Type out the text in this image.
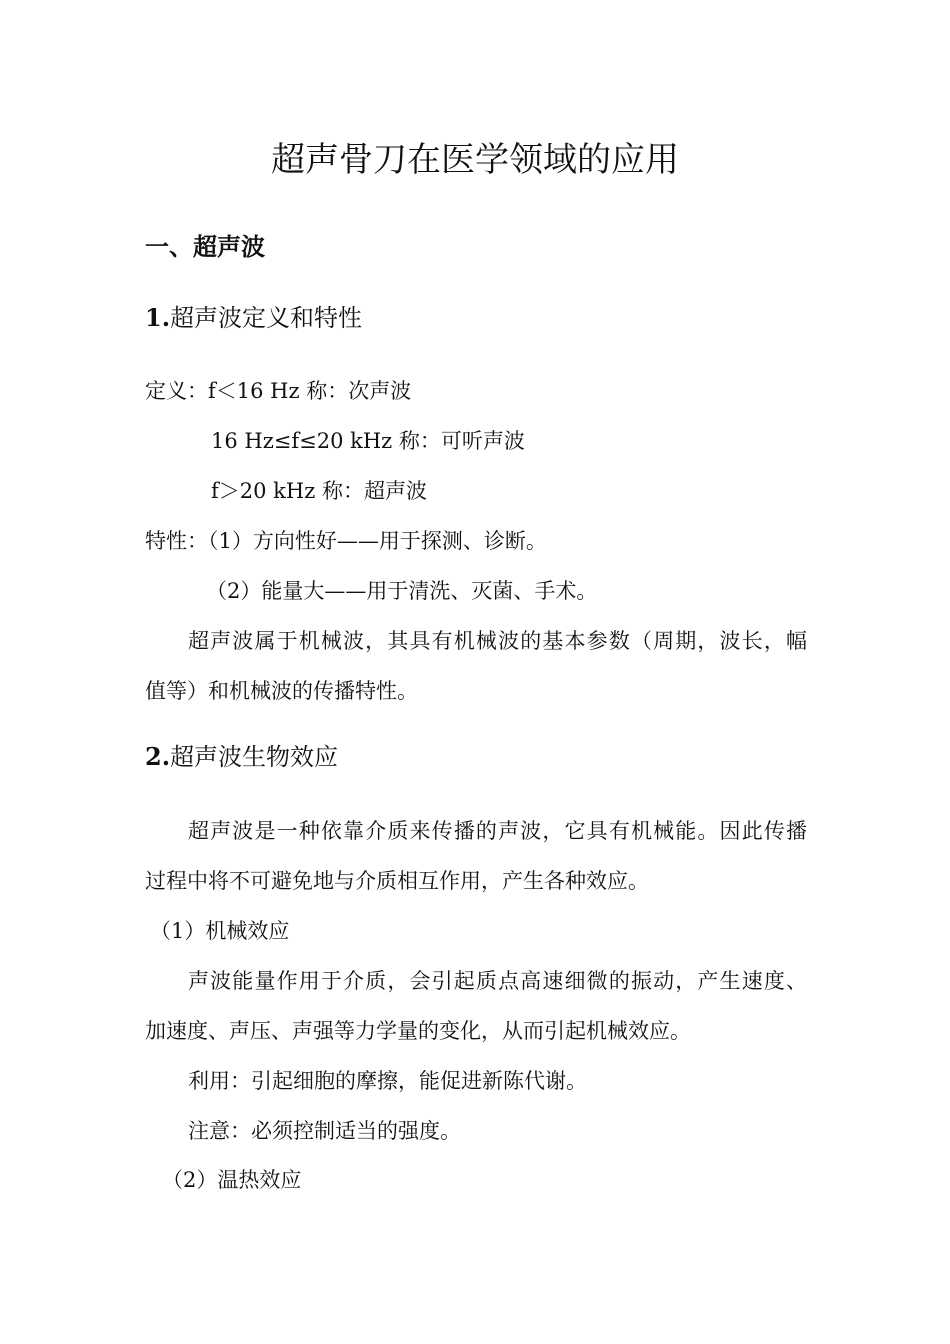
超声骨刀在医学领域的应用
一、超声波
1.超声波定义和特性
定义：f＜16 Hz 称：次声波
16 Hz≤f≤20 kHz 称：可听声波
f＞20 kHz 称：超声波
特性：（1）方向性好——用于探测、诊断。
（2）能量大——用于清洗、灭菌、手术。
超声波属于机械波，其具有机械波的基本参数（周期，波长，幅
值等）和机械波的传播特性。
2.超声波生物效应
超声波是一种依靠介质来传播的声波，它具有机械能。因此传播
过程中将不可避免地与介质相互作用，产生各种效应。
（1）机械效应
声波能量作用于介质，会引起质点高速细微的振动，产生速度、
加速度、声压、声强等力学量的变化，从而引起机械效应。
利用：引起细胞的摩擦，能促进新陈代谢。
注意：必须控制适当的强度。
（2）温热效应
